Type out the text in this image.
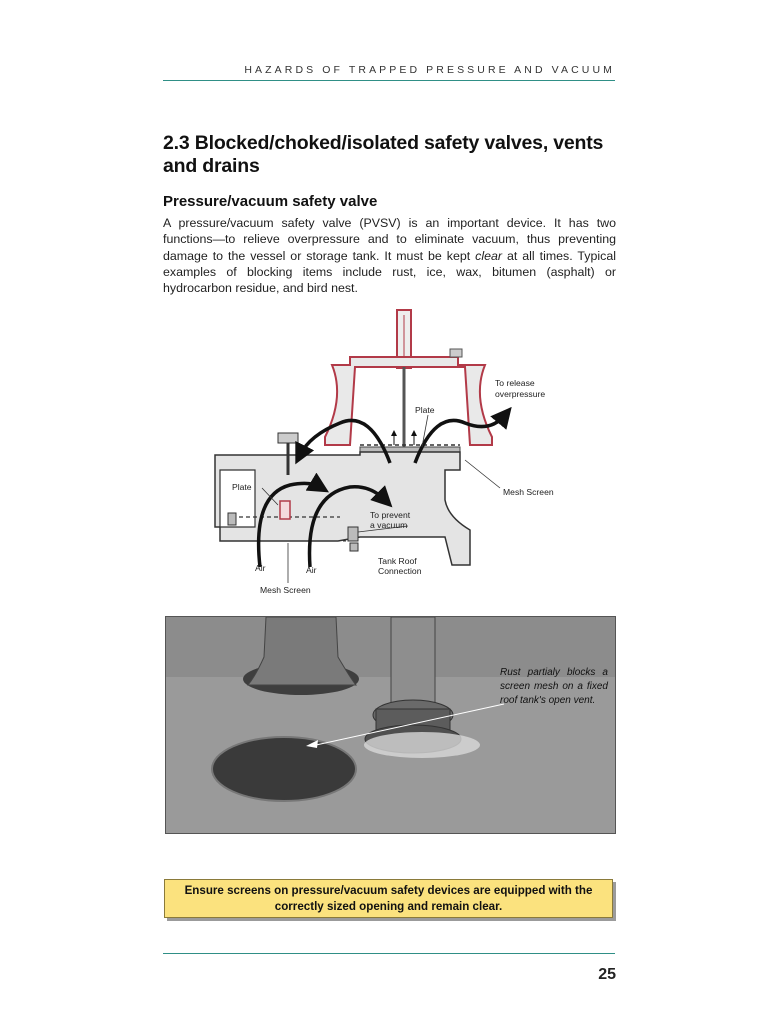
HAZARDS OF TRAPPED PRESSURE AND VACUUM
2.3 Blocked/choked/isolated safety valves, vents and drains
Pressure/vacuum safety valve
A pressure/vacuum safety valve (PVSV) is an important device. It has two functions—to relieve overpressure and to eliminate vacuum, thus preventing damage to the vessel or storage tank. It must be kept clear at all times. Typical examples of blocking items include rust, ice, wax, bitumen (asphalt) or hydrocarbon residue, and bird nest.
To release
overpressure
Plate
Plate	Mesh Screen
To prevent
a vacuum
Air	Air
Tank Roof
Connection
Mesh Screen
Rust partialy blocks a screen mesh on a fixed roof tank's open vent.
Ensure screens on pressure/vacuum safety devices are equipped with the correctly sized opening and remain clear.
25
